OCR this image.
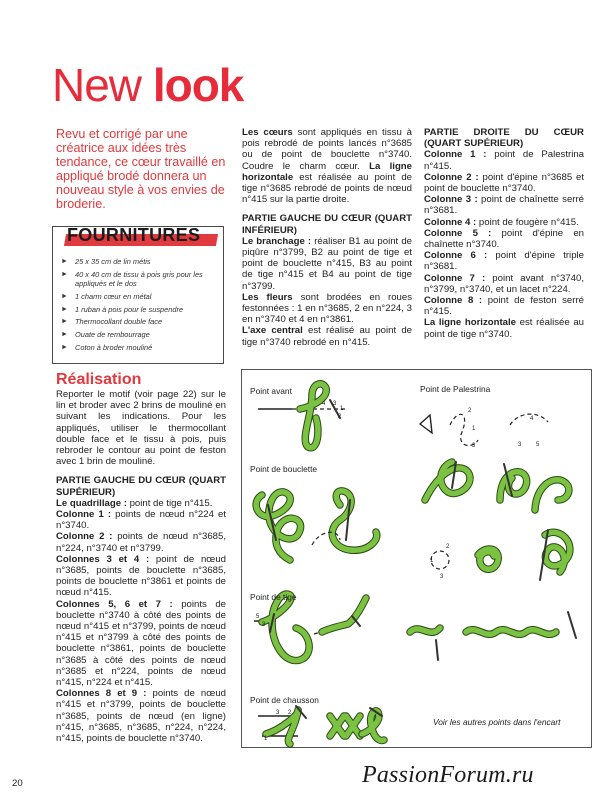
New look
Revu et corrigé par une créatrice aux idées très tendance, ce cœur travaillé en appliqué brodé donnera un nouveau style à vos envies de broderie.
FOURNITURES
► 25 x 35 cm de lin métis
► 40 x 40 cm de tissu à pois gris pour les appliqués et le dos
► 1 charm cœur en métal
► 1 ruban à pois pour le suspendre
► Thermocollant double face
► Ouate de rembourrage
► Coton à broder mouliné
Réalisation

Reporter le motif (voir page 22) sur le lin et broder avec 2 brins de mouliné en suivant les indications. Pour les appliqués, utiliser le thermocollant double face et le tissu à pois, puis rebroder le contour au point de feston avec 1 brin de mouliné.

PARTIE GAUCHE DU CŒUR (QUART SUPÉRIEUR)

Le quadrillage : point de tige n°415.

Colonne 1 : points de nœud n°224 et n°3740.

Colonne 2 : points de nœud n°3685, n°224, n°3740 et n°3799.

Colonnes 3 et 4 : point de nœud n°3685, points de bouclette n°3685, points de bouclette n°3861 et points de nœud n°415.

Colonnes 5, 6 et 7 : points de bouclette n°3740 à côté des points de nœud n°415 et n°3799, points de nœud n°415 et n°3799 à côté des points de bouclette n°3861, points de bouclette n°3685 à côté des points de nœud n°3685 et n°224, points de nœud n°415, n°224 et n°415.

Colonnes 8 et 9 : points de nœud n°415 et n°3799, points de bouclette n°3685, points de nœud (en ligne) n°415, n°3685, n°3685, n°224, n°224, n°415, points de bouclette n°3740.

Les cœurs sont appliqués en tissu à pois rebrodé de points lancés n°3685 ou de point de bouclette n°3740. Coudre le charm cœur. La ligne horizontale est réalisée au point de tige n°3685 rebrodé de points de nœud n°415 sur la partie droite.

PARTIE GAUCHE DU CŒUR (QUART INFÉRIEUR)

Le branchage : réaliser B1 au point de piqûre n°3799, B2 au point de tige et point de bouclette n°415, B3 au point de tige n°415 et B4 au point de tige n°3799.

Les fleurs sont brodées en roues festonnées : 1 en n°3685, 2 en n°224, 3 en n°3740 et 4 en n°3861.

L'axe central est réalisé au point de tige n°3740 rebrodé en n°415.

PARTIE DROITE DU CŒUR (QUART SUPÉRIEUR)

Colonne 1 : point de Palestrina n°415.

Colonne 2 : point d'épine n°3685 et point de bouclette n°3740.

Colonne 3 : point de chaînette serré n°3681.

Colonne 4 : point de fougère n°415.

Colonne 5 : point d'épine en chaînette n°3740.

Colonne 6 : point d'épine triple n°3681.

Colonne 7 : point avant n°3740, n°3799, n°3740, et un lacet n°224.

Colonne 8 : point de feston serré n°415.

La ligne horizontale est réalisée au point de tige n°3740.

4 3
1
2
5
3
3 2
1
2
1
3
4
5
3
2
1
3
Point avant	Point de Palestrina
Point de bouclette
Point de tige
Point de chausson
Voir les autres points dans l'encart
20	PassionForum.ru
